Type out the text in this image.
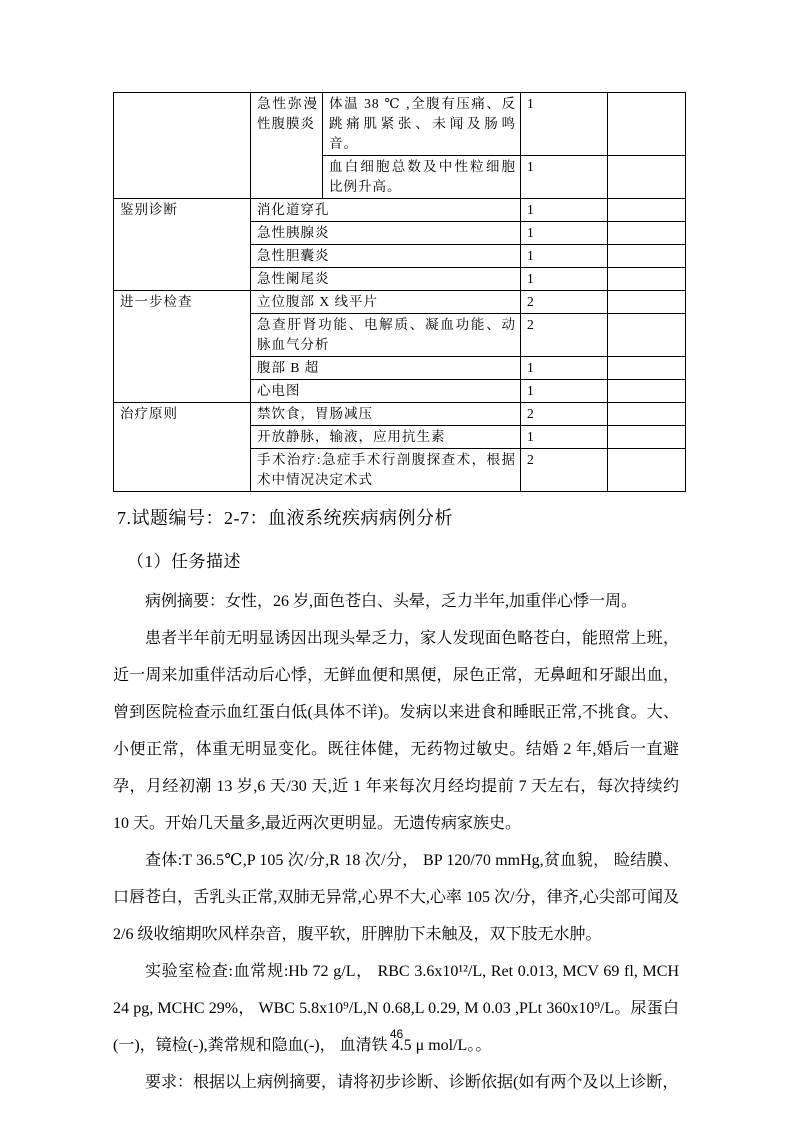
	急性弥漫性腹膜炎	体温 38 ℃ ,全腹有压痛、反跳痛肌紧张、未闻及肠鸣音。	1	
		血白细胞总数及中性粒细胞比例升高。	1	
鉴别诊断	消化道穿孔		1	
	急性胰腺炎		1	
	急性胆囊炎		1	
	急性阑尾炎		1	
进一步检查	立位腹部 X 线平片		2	
	急查肝肾功能、电解质、凝血功能、动脉血气分析		2	
	腹部 B 超		1	
	心电图		1	
治疗原则	禁饮食，胃肠减压		2	
	开放静脉，输液，应用抗生素		1	
	手术治疗:急症手术行剖腹探查术，根据术中情况决定术式		2	
7.试题编号：2-7：血液系统疾病病例分析
（1）任务描述

病例摘要：女性，26 岁,面色苍白、头晕，乏力半年,加重伴心悸一周。

患者半年前无明显诱因出现头晕乏力，家人发现面色略苍白，能照常上班，近一周来加重伴活动后心悸，无鲜血便和黑便，尿色正常，无鼻衄和牙龈出血，曾到医院检查示血红蛋白低(具体不详)。发病以来进食和睡眠正常,不挑食。大、小便正常，体重无明显变化。既往体健，无药物过敏史。结婚 2 年,婚后一直避孕，月经初潮 13 岁,6 天/30 天,近 1 年来每次月经均提前 7 天左右，每次持续约 10 天。开始几天量多,最近两次更明显。无遗传病家族史。

查体:T 36.5℃,P 105 次/分,R 18 次/分， BP 120/70 mmHg,贫血貌， 睑结膜、口唇苍白，舌乳头正常,双肺无异常,心界不大,心率 105 次/分，律齐,心尖部可闻及 2/6 级收缩期吹风样杂音，腹平软，肝脾肋下未触及，双下肢无水肿。

实验室检查:血常规:Hb 72 g/L， RBC 3.6x10¹²/L, Ret 0.013, MCV 69 fl, MCH 24 pg, MCHC 29%， WBC 5.8x10⁹/L,N 0.68,L 0.29, M 0.03 ,PLt 360x10⁹/L。尿蛋白(一)，镜检(-),粪常规和隐血(-)， 血清铁 4.5 μ mol/L。。

要求：根据以上病例摘要，请将初步诊断、诊断依据(如有两个及以上诊断，

46
